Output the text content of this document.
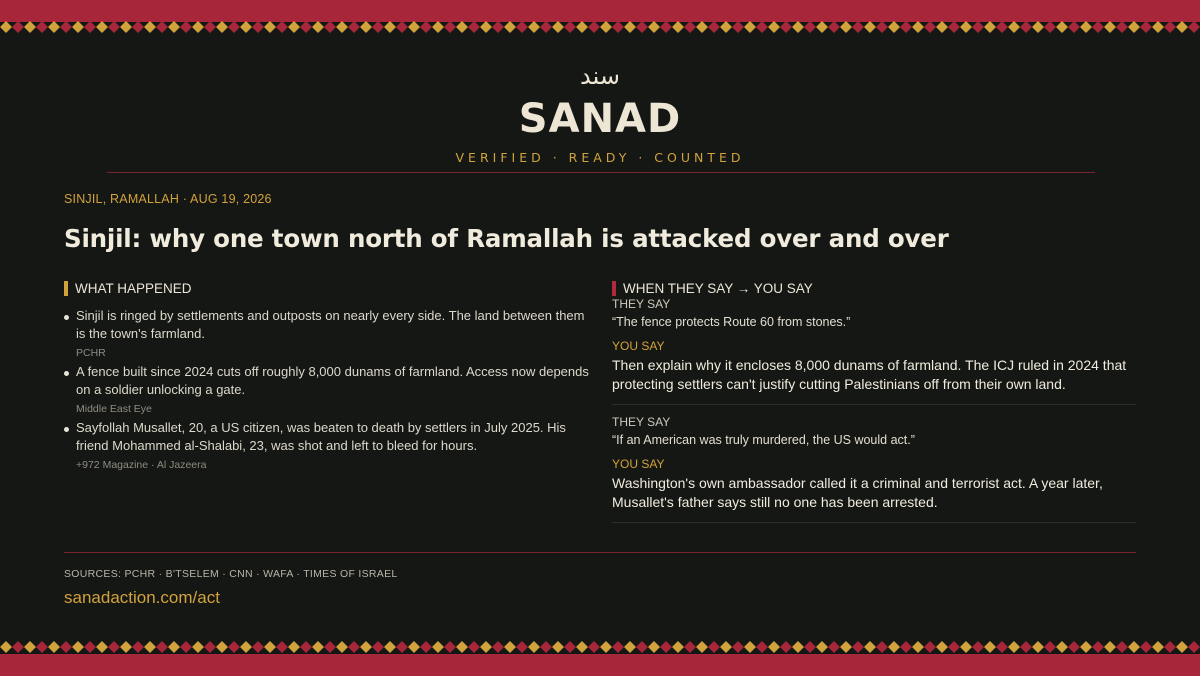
سند
SANAD
VERIFIED · READY · COUNTED
SINJIL, RAMALLAH · AUG 19, 2026
Sinjil: why one town north of Ramallah is attacked over and over
WHAT HAPPENED
Sinjil is ringed by settlements and outposts on nearly every side. The land between them is the town's farmland.
PCHR
A fence built since 2024 cuts off roughly 8,000 dunams of farmland. Access now depends on a soldier unlocking a gate.
Middle East Eye
Sayfollah Musallet, 20, a US citizen, was beaten to death by settlers in July 2025. His friend Mohammed al-Shalabi, 23, was shot and left to bleed for hours.
+972 Magazine · Al Jazeera
WHEN THEY SAY → YOU SAY
THEY SAY
“The fence protects Route 60 from stones.”
YOU SAY
Then explain why it encloses 8,000 dunams of farmland. The ICJ ruled in 2024 that protecting settlers can't justify cutting Palestinians off from their own land.
THEY SAY
“If an American was truly murdered, the US would act.”
YOU SAY
Washington's own ambassador called it a criminal and terrorist act. A year later, Musallet's father says still no one has been arrested.
SOURCES: PCHR · B'TSELEM · CNN · WAFA · TIMES OF ISRAEL
sanadaction.com/act
